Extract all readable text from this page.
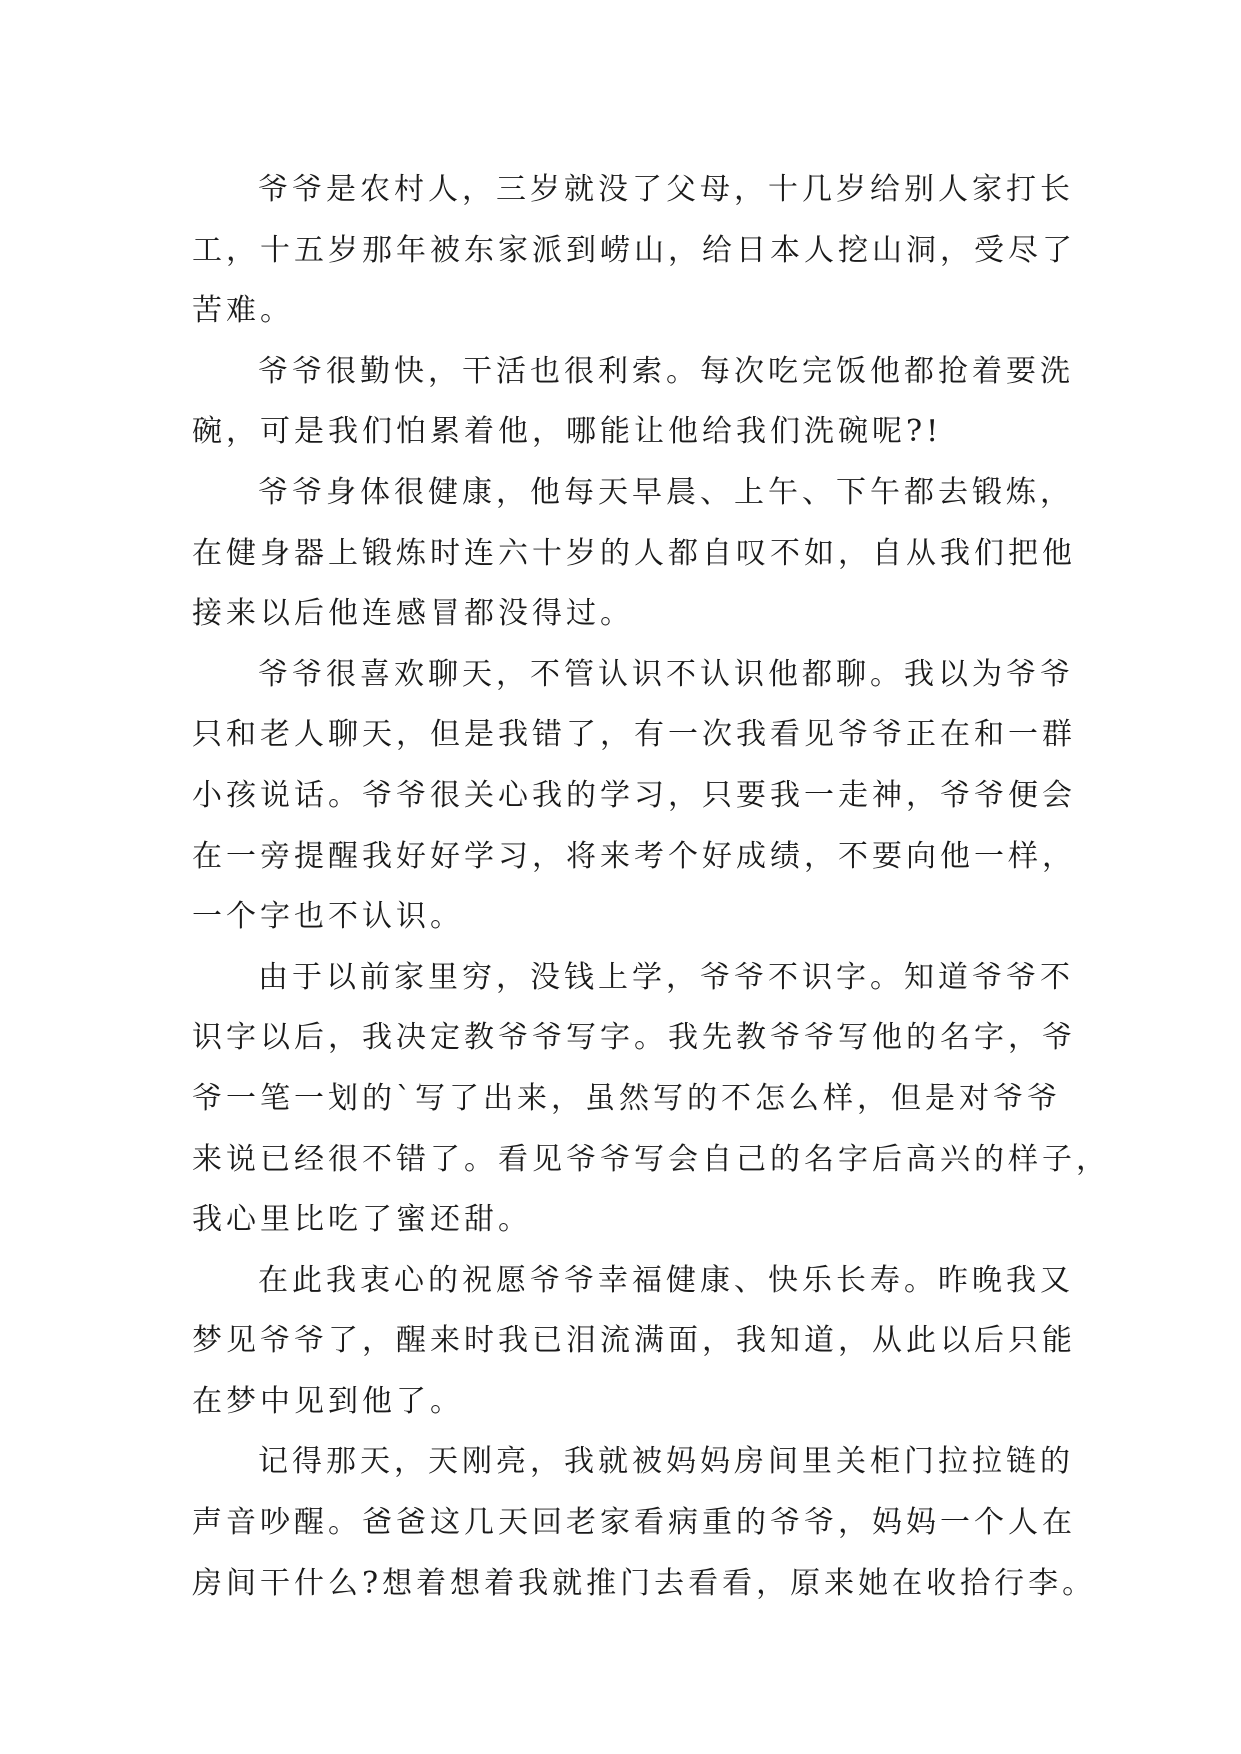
爷爷是农村人，三岁就没了父母，十几岁给别人家打长
工，十五岁那年被东家派到崂山，给日本人挖山洞，受尽了
苦难。
爷爷很勤快，干活也很利索。每次吃完饭他都抢着要洗
碗，可是我们怕累着他，哪能让他给我们洗碗呢?!
爷爷身体很健康，他每天早晨、上午、下午都去锻炼，
在健身器上锻炼时连六十岁的人都自叹不如，自从我们把他
接来以后他连感冒都没得过。
爷爷很喜欢聊天，不管认识不认识他都聊。我以为爷爷
只和老人聊天，但是我错了，有一次我看见爷爷正在和一群
小孩说话。爷爷很关心我的学习，只要我一走神，爷爷便会
在一旁提醒我好好学习，将来考个好成绩，不要向他一样，
一个字也不认识。
由于以前家里穷，没钱上学，爷爷不识字。知道爷爷不
识字以后，我决定教爷爷写字。我先教爷爷写他的名字，爷
爷一笔一划的`写了出来，虽然写的不怎么样，但是对爷爷
来说已经很不错了。看见爷爷写会自己的名字后高兴的样子，
我心里比吃了蜜还甜。
在此我衷心的祝愿爷爷幸福健康、快乐长寿。昨晚我又
梦见爷爷了，醒来时我已泪流满面，我知道，从此以后只能
在梦中见到他了。
记得那天，天刚亮，我就被妈妈房间里关柜门拉拉链的
声音吵醒。爸爸这几天回老家看病重的爷爷，妈妈一个人在
房间干什么?想着想着我就推门去看看，原来她在收拾行李。
